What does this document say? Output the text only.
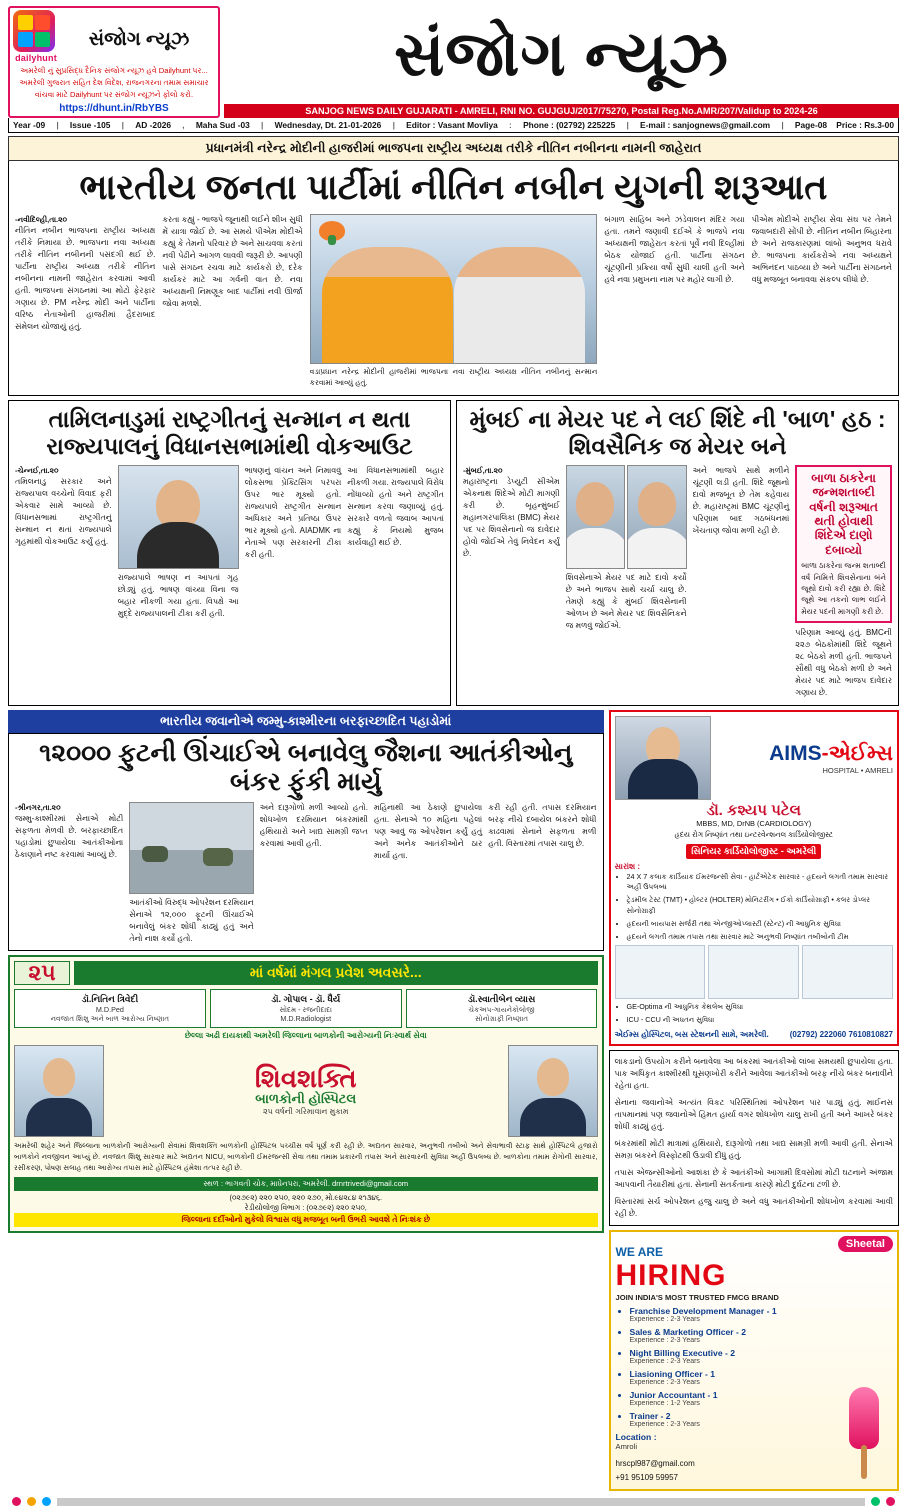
dailyhunt
સંજોગ ન્યૂઝ
અમરેલી નું સુપ્રસિદ્ધ દૈનિક સંજોગ ન્યૂઝ હવે Dailyhunt પર...
અમરેલી ગુજરાત સહિત દેશ વિદેશ, રાજનગરના તમામ સમાચાર
વાંચવા માટે Dailyhunt પર સંજોગ ન્યૂઝને ફોલો કરો.
https://dhunt.in/RbYBS
સંજોગ ન્યૂઝ
SANJOG NEWS DAILY GUJARATI - AMRELI, RNI NO. GUJGUJ/2017/75270, Postal Reg.No.AMR/207/Validup to 2024-26
Year -09 | Issue -105 | AD -2026 , Maha Sud -03 | Wednesday, Dt. 21-01-2026 | Editor : Vasant Movliya : Phone : (02792) 225225 | E-mail : sanjognews@gmail.com | Page-08 Price : Rs.3-00
પ્રધાનમંત્રી નરેન્દ્ર મોદીની હાજરીમાં ભાજપના રાષ્ટ્રીય અધ્યક્ષ તરીકે નીતિન નબીનના નામની જાહેરાત
ભારતીય જનતા પાર્ટીમાં નીતિન નબીન યુગની શરૂઆત
-નવીદિલ્હી,તા.૨૦
નીતિન નબીન ભાજપના રાષ્ટ્રીય અધ્યક્ષ તરીકે નિમાયા છે. ભાજપના નવા અધ્યક્ષ તરીકે નીતિન નબીનની પસંદગી થઈ છે. પાર્ટીના રાષ્ટ્રીય અધ્યક્ષ તરીકે નીતિન નબીનના નામની જાહેરાત કરવામાં આવી હતી. ભાજપના સંગઠનમાં આ મોટો ફેરફાર ગણાય છે. PM નરેન્દ્ર મોદી અને પાર્ટીના વરિષ્ઠ નેતાઓની હાજરીમાં હૈદરાબાદ સંમેલન યોજાયું હતું.
કરતા કહ્યું - ભાજપે જૂનાથી લઈને શીખ સુધી મેં યાત્રા જોઈ છે. આ સમયે પીએમ મોદીએ કહ્યું કે તેમનો પરિવાર છે અને સાચવવા કરતાં નવી પેઢીને આગળ લાવવી જરૂરી છે. આપણી પાસે સંગઠન રચવા માટે કાર્યકરો છે, દરેક કાર્યકર માટે આ ગર્વની વાત છે. નવા અધ્યક્ષની નિમણૂક બાદ પાર્ટીમાં નવી ઊર્જા જોવા મળશે.
વડાપ્રધાન નરેન્દ્ર મોદીની હાજરીમાં ભાજપના નવા રાષ્ટ્રીય અધ્યક્ષ નીતિન નબીનનું સન્માન કરવામાં આવ્યું હતું.
બંગાળ સાહિબ અને ઝંડેવાલન મંદિર ગયા હતા. તમને જણાવી દઈએ કે ભાજપે નવા અધ્યક્ષની જાહેરાત કરતાં પૂર્વે નવી દિલ્હીમાં બેઠક યોજાઈ હતી. પાર્ટીના સંગઠન ચૂંટણીની પ્રક્રિયા વર્ષો સુધી ચાલી હતી અને હવે નવા પ્રમુખના નામ પર મહોર લાગી છે.
પીએમ મોદીએ રાષ્ટ્રીય સેવા સંઘ પર તેમને જવાબદારી સોંપી છે. નીતિન નબીન બિહારના છે અને રાજકારણમાં લાંબો અનુભવ ધરાવે છે. ભાજપના કાર્યકરોએ નવા અધ્યક્ષને અભિનંદન પાઠવ્યા છે અને પાર્ટીના સંગઠનને વધુ મજબૂત બનાવવા સંકલ્પ લીધો છે.
તામિલનાડુમાં રાષ્ટ્રગીતનું સન્માન ન થતા રાજ્યપાલનું વિધાનસભામાંથી વોકઆઉટ
-ચેન્નઈ,તા.૨૦
તમિલનાડુ સરકાર અને રાજ્યપાલ વચ્ચેનો વિવાદ ફરી એકવાર સામે આવ્યો છે. વિધાનસભામાં રાષ્ટ્રગીતનું સન્માન ન થતાં રાજ્યપાલે ગૃહમાંથી વોકઆઉટ કર્યું હતું.
રાજ્યપાલે ભાષણ ન આપતાં ગૃહ છોડ્યું હતું. ભાષણ વાંચ્યા વિના જ બહાર નીકળી ગયા હતા. વિપક્ષે આ મુદ્દે રાજ્યપાલની ટીકા કરી હતી.
ભાષણનું વાંચન અને નિમાવવું લોકસભા પ્રેક્ટિસિંગ પરંપરા ઉપર ભાર મૂક્યો હતો. રાજ્યપાલે રાષ્ટ્રગીત સન્માન અધિકાર અને પ્રતિષ્ઠા ઉપર ભાર મૂક્યો હતો. AIADMK ના નેતાએ પણ સરકારની ટીકા કરી હતી.
આ વિધાનસભામાંથી બહાર નીકળી ગયા. રાજ્યપાલે વિરોધ નોંધાવ્યો હતો અને રાષ્ટ્રગીત સન્માન કરવા જણાવ્યું હતું. સરકારે વળતો જવાબ આપતાં કહ્યું કે નિયમો મુજબ કાર્યવાહી થઈ છે.
મુંબઈ ના મેયર પદ ને લઈ શિંદે ની 'બાળ' હઠ : શિવસૈનિક જ મેયર બને
-મુંબઈ,તા.૨૦
મહારાષ્ટ્રના ડેપ્યુટી સીએમ એકનાથ શિંદેએ મોટી માગણી કરી છે. બૃહન્મુંબઈ મહાનગરપાલિકા (BMC) મેયર પદ પર શિવસેનાનો જ દાવેદાર હોવો જોઈએ તેવું નિવેદન કર્યું છે.
શિવસેનાએ મેયર પદ માટે દાવો કર્યો છે અને ભાજપ સાથે ચર્ચા ચાલુ છે. તેમણે કહ્યું કે મુંબઈ શિવસેનાની ઓળખ છે અને મેયર પદ શિવસૈનિકને જ મળવું જોઈએ.
અને ભાજપે સાથે મળીને ચૂંટણી લડી હતી. શિંદે જૂથનો દાવો મજબૂત છે તેમ કહેવાય છે. મહારાષ્ટ્રમાં BMC ચૂંટણીનું પરિણામ બાદ ગઠબંધનમાં ખેંચતાણ જોવા મળી રહી છે.
બાળા ઠાકરેના જન્મશતાબ્દી વર્ષની શરૂઆત થતી હોવાથી શિંદેએ દાણો દબાવ્યો

બાળા ઠાકરેના જન્મ શતાબ્દી વર્ષ નિમિત્તે શિવસેનાના બંને જૂથો દાવો કરી રહ્યા છે. શિંદે જૂથે આ તકનો લાભ લઈને મેયર પદની માગણી કરી છે.

પરિણામ આવ્યું હતું. BMCની ૨૨૭ બેઠકોમાંથી શિંદે જૂથને ૨૮ બેઠકો મળી હતી. ભાજપને સૌથી વધુ બેઠકો મળી છે અને મેયર પદ માટે ભાજપ દાવેદાર ગણાય છે.
ભારતીય જવાનોએ જમ્મુ-કાશ્મીરના બરફાચ્છાદિત પહાડોમાં
૧૨૦૦૦ ફુટની ઊંચાઈએ બનાવેલુ જૈશના આતંકીઓનુ બંકર ફુંકી માર્યુ
-શ્રીનગર,તા.૨૦
જમ્મુ-કાશ્મીરમાં સેનાએ મોટી સફળતા મેળવી છે. બરફાચ્છાદિત પહાડોમાં છુપાયેલા આતંકીઓના ઠેકાણાને નષ્ટ કરવામાં આવ્યું છે.
આતંકીઓ વિરુદ્ધ ઓપરેશન દરમિયાન સેનાએ ૧૨,૦૦૦ ફૂટની ઊંચાઈએ બનાવેલું બંકર શોધી કાઢ્યું હતું અને તેનો નાશ કર્યો હતો.
અને દારૂગોળો મળી આવ્યો હતો. શોધખોળ દરમિયાન બંકરમાંથી હથિયારો અને ખાદ્ય સામગ્રી જપ્ત કરવામાં આવી હતી.
મહિનાથી આ ઠેકાણે છુપાયેલા હતા. સેનાએ ૧૦ મહિના પહેલાં પણ આવું જ ઓપરેશન કર્યું હતું અને અનેક આતંકીઓને ઠાર માર્યા હતા.
કરી રહી હતી. તપાસ દરમિયાન બરફ નીચે દબાયેલ બંકરને શોધી કાઢવામાં સેનાને સફળતા મળી હતી. વિસ્તારમાં તપાસ ચાલુ છે.
૨૫	માં વર્ષમાં મંગલ પ્રવેશ અવસરે...
ડૉ.નિતિન ત્રિવેદી
M.D.Ped
નવજાત શિશુ અને બાળ આરોગ્ય નિષ્ણાત
ડૉ. ગોપાલ - ડૉ. ધૈર્ય
સોદમ - રજનીદાદા
M.D.Radiologist
ડૉ.સ્વાતીબેન વ્યાસ
ચેકઅપ-ગાયનેકોલોજી
સોનોગ્રાફી નિષ્ણાત
છેલ્લા અઢી દાયકાથી અમરેલી જિલ્લાના બાળકોની આરોગ્યની નિઃસ્વાર્થ સેવા
શિવશક્તિ
બાળકોની હોસ્પિટલ
૨૫ વર્ષની ગરિમાવાન મુકામ
અમરેલી શહેર અને જિલ્લાના બાળકોની આરોગ્યની સેવામાં શિવશક્તિ બાળકોની હોસ્પિટલ પચ્ચીસ વર્ષ પૂર્ણ કરી રહી છે. અદ્યતન સારવાર, અનુભવી તબીબો અને સેવાભાવી સ્ટાફ સાથે હોસ્પિટલે હજારો બાળકોને નવજીવન આપ્યું છે. નવજાત શિશુ સારવાર માટે અદ્યતન NICU, બાળકોની ઈમરજન્સી સેવા તથા તમામ પ્રકારની તપાસ અને સારવારની સુવિધા અહીં ઉપલબ્ધ છે. બાળકોના તમામ રોગોની સારવાર, રસીકરણ, પોષણ સલાહ તથા આરોગ્ય તપાસ માટે હોસ્પિટલ હંમેશા તત્પર રહી છે.
સ્થળ : ભાગવતી ચોક, માધેનપરા, અમરેલી. drnrtrivedi@gmail.com
(૦૨૭૯૨) ૨૨૦ ૨૫૦, ૨૨૦ ૨૭૦, મો.૯૪૨૮૪ ૨૧૩૪૬.
રેડીયોલોજી વિભાગ : (૦૨૭૯૨) ૨૨૦ ૨૫૦,
જિલ્લાના દર્દીઓનો મુકેલો વિશ્વાસ વધુ મજબૂત બની ઉભરી આવશે તે નિઃશંક છે
AIMS-એઈમ્સ
HOSPITAL • AMRELI
ડૉ. કશ્યપ પટેલ
MBBS, MD, DrNB (CARDIOLOGY)
હૃદય રોગ નિષ્ણાંત તથા ઇન્ટરવેન્શનલ કાર્ડિયોલોજીસ્ટ
સિનિયર કાર્ડિયોલોજીસ્ટ - અમરેલી
સારાંશ :
• 24 X 7 કલાક કાર્ડિયાક ઈમરજન્સી સેવા - હાર્ટએટેક સારવાર - હૃદયને લગતી તમામ સારવાર અહીં ઉપલબ્ધ
• ટ્રેડમીલ ટેસ્ટ (TMT) • હોલ્ટર (HOLTER) મોનિટરીંગ • ઈકો કાર્ડિયોગ્રાફી • કલર ડોપ્લર સોનોગ્રાફી
• હૃદયની બાયપાસ સર્જરી તથા એન્જીઓપ્લાસ્ટી (સ્ટેન્ટ) ની આધુનિક સુવિધા
• હૃદયને લગતી તમામ તપાસ તથા સારવાર માટે અનુભવી નિષ્ણાંત તબીબોની ટીમ
• GE-Optima ની આધુનિક કેથલેબ સુવિધા
• ICU - CCU ની અધતન સુવિધા
એઈમ્સ હોસ્પિટલ, બસ સ્ટેશનની સામે, અમરેલી.	(02792) 222060 7610810827

લાકડાનો ઉપયોગ કરીને બનાવેલા આ બંકરમાં આતંકીઓ લાંબા સમયથી છુપાયેલા હતા. પાક અધિકૃત કાશ્મીરથી ઘૂસણખોરી કરીને આવેલા આતંકીઓ બરફ નીચે બંકર બનાવીને રહેતા હતા.

સેનાના જવાનોએ અત્યંત વિકટ પરિસ્થિતિમાં ઓપરેશન પાર પાડ્યું હતું. માઈનસ તાપમાનમાં પણ જવાનોએ હિંમત હાર્યા વગર શોધખોળ ચાલુ રાખી હતી અને આખરે બંકર શોધી કાઢ્યું હતું.

બંકરમાંથી મોટી માત્રામાં હથિયારો, દારૂગોળો તથા ખાદ્ય સામગ્રી મળી આવી હતી. સેનાએ સમગ્ર બંકરને વિસ્ફોટથી ઉડાવી દીધું હતું.

તપાસ એજન્સીઓનો આશંકા છે કે આતંકીઓ આગામી દિવસોમાં મોટી ઘટનાને અંજામ આપવાની તૈયારીમાં હતા. સેનાની સતર્કતાના કારણે મોટી દુર્ઘટના ટળી છે.

વિસ્તારમાં સર્ચ ઓપરેશન હજુ ચાલુ છે અને વધુ આતંકીઓની શોધખોળ કરવામાં આવી રહી છે.

Sheetal
WE ARE
HIRING
JOIN INDIA'S MOST TRUSTED FMCG BRAND
• Franchise Development Manager - 1
Experience : 2-3 Years
• Sales & Marketing Officer - 2
Experience : 2-3 Years
• Night Billing Executive - 2
Experience : 2-3 Years
• Liasioning Officer - 1
Experience : 2-3 Years
• Junior Accountant - 1
Experience : 1-2 Years
• Trainer - 2
Experience : 2-3 Years
Location :
Amroli
hrscpl987@gmail.com
+91 95109 59957
